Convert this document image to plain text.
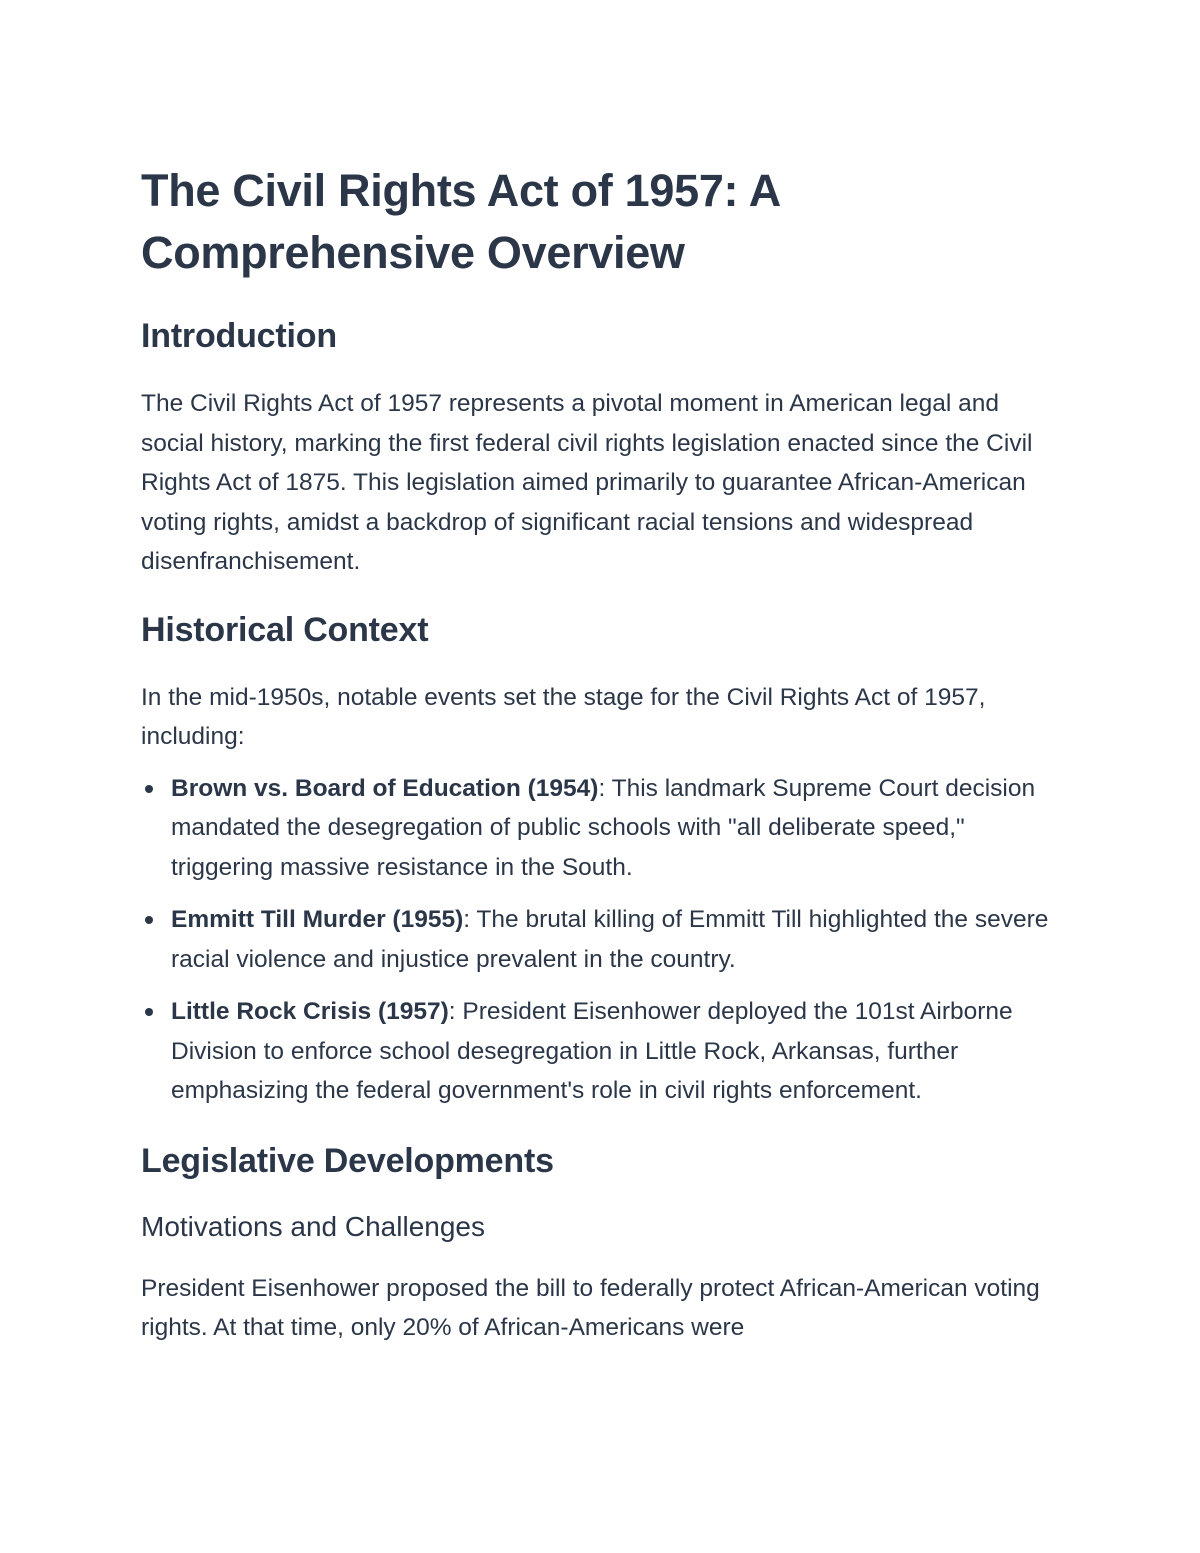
The Civil Rights Act of 1957: A Comprehensive Overview
Introduction

The Civil Rights Act of 1957 represents a pivotal moment in American legal and social history, marking the first federal civil rights legislation enacted since the Civil Rights Act of 1875. This legislation aimed primarily to guarantee African-American voting rights, amidst a backdrop of significant racial tensions and widespread disenfranchisement.

Historical Context

In the mid-1950s, notable events set the stage for the Civil Rights Act of 1957, including:

Brown vs. Board of Education (1954): This landmark Supreme Court decision mandated the desegregation of public schools with "all deliberate speed," triggering massive resistance in the South.
Emmitt Till Murder (1955): The brutal killing of Emmitt Till highlighted the severe racial violence and injustice prevalent in the country.
Little Rock Crisis (1957): President Eisenhower deployed the 101st Airborne Division to enforce school desegregation in Little Rock, Arkansas, further emphasizing the federal government's role in civil rights enforcement.
Legislative Developments
Motivations and Challenges

President Eisenhower proposed the bill to federally protect African-American voting rights. At that time, only 20% of African-Americans were
